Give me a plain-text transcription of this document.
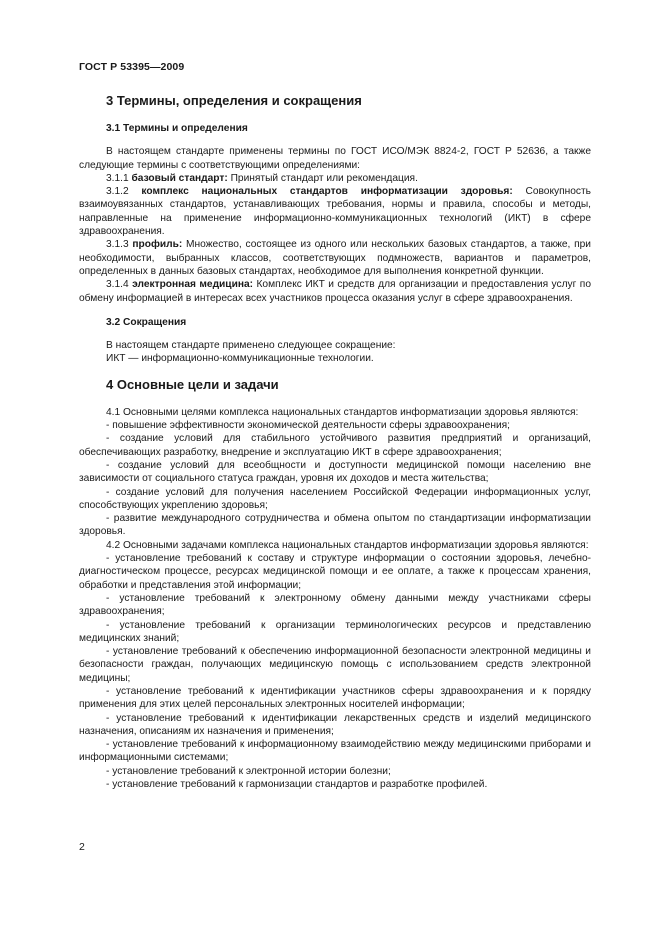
ГОСТ Р 53395—2009

3 Термины, определения и сокращения

3.1 Термины и определения

В настоящем стандарте применены термины по ГОСТ ИСО/МЭК 8824-2, ГОСТ Р 52636, а также следующие термины с соответствующими определениями:

3.1.1 базовый стандарт: Принятый стандарт или рекомендация.

3.1.2 комплекс национальных стандартов информатизации здоровья: Совокупность взаимоувязанных стандартов, устанавливающих требования, нормы и правила, способы и методы, направленные на применение информационно-коммуникационных технологий (ИКТ) в сфере здравоохранения.

3.1.3 профиль: Множество, состоящее из одного или нескольких базовых стандартов, а также, при необходимости, выбранных классов, соответствующих подмножеств, вариантов и параметров, определенных в данных базовых стандартах, необходимое для выполнения конкретной функции.

3.1.4 электронная медицина: Комплекс ИКТ и средств для организации и предоставления услуг по обмену информацией в интересах всех участников процесса оказания услуг в сфере здравоохранения.

3.2 Сокращения

В настоящем стандарте применено следующее сокращение:

ИКТ — информационно-коммуникационные технологии.

4 Основные цели и задачи

4.1 Основными целями комплекса национальных стандартов информатизации здоровья являются:

- повышение эффективности экономической деятельности сферы здравоохранения;

- создание условий для стабильного устойчивого развития предприятий и организаций, обеспечивающих разработку, внедрение и эксплуатацию ИКТ в сфере здравоохранения;

- создание условий для всеобщности и доступности медицинской помощи населению вне зависимости от социального статуса граждан, уровня их доходов и места жительства;

- создание условий для получения населением Российской Федерации информационных услуг, способствующих укреплению здоровья;

- развитие международного сотрудничества и обмена опытом по стандартизации информатизации здоровья.

4.2 Основными задачами комплекса национальных стандартов информатизации здоровья являются:

- установление требований к составу и структуре информации о состоянии здоровья, лечебно-диагностическом процессе, ресурсах медицинской помощи и ее оплате, а также к процессам хранения, обработки и представления этой информации;

- установление требований к электронному обмену данными между участниками сферы здравоохранения;

- установление требований к организации терминологических ресурсов и представлению медицинских знаний;

- установление требований к обеспечению информационной безопасности электронной медицины и безопасности граждан, получающих медицинскую помощь с использованием средств электронной медицины;

- установление требований к идентификации участников сферы здравоохранения и к порядку применения для этих целей персональных электронных носителей информации;

- установление требований к идентификации лекарственных средств и изделий медицинского назначения, описаниям их назначения и применения;

- установление требований к информационному взаимодействию между медицинскими приборами и информационными системами;

- установление требований к электронной истории болезни;

- установление требований к гармонизации стандартов и разработке профилей.

2
